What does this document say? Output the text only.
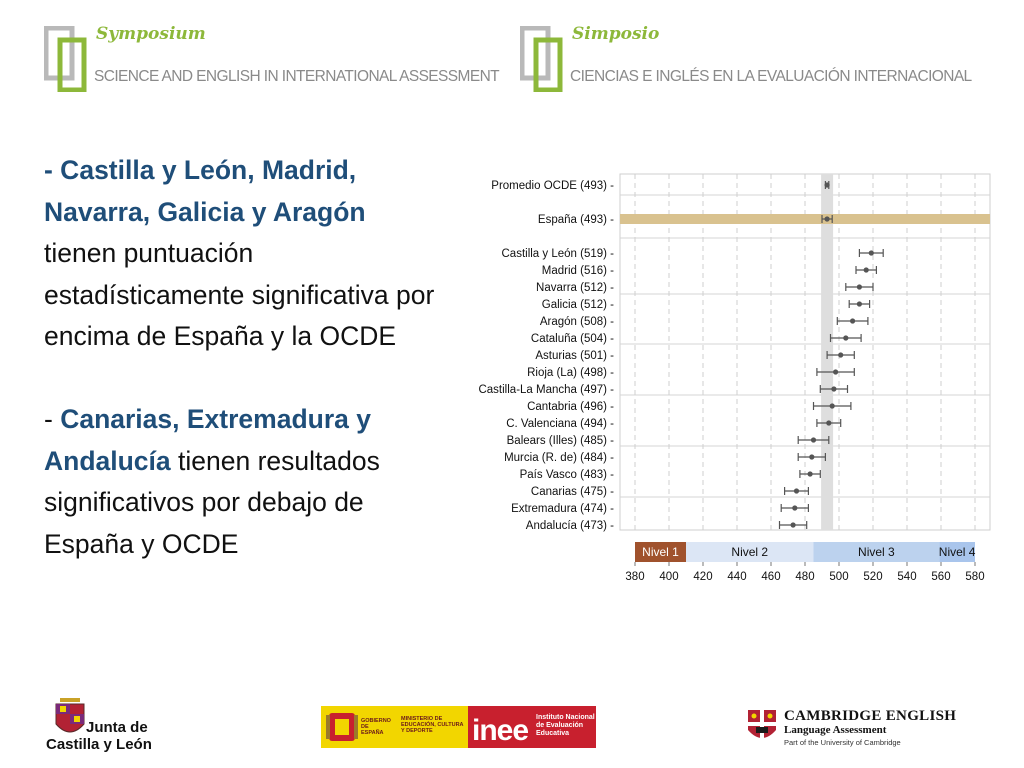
Symposium
SCIENCE AND ENGLISH IN INTERNATIONAL ASSESSMENT
Simposio
CIENCIAS E INGLÉS EN LA EVALUACIÓN INTERNACIONAL
- Castilla y León, Madrid, Navarra, Galicia y Aragón tienen puntuación estadísticamente significativa por encima de España y la OCDE
- Canarias, Extremadura y Andalucía tienen resultados significativos por debajo de España y OCDE
Promedio OCDE (493) -
España (493) -
Castilla y León (519) -
Madrid (516) -
Navarra (512) -
Galicia (512) -
Aragón (508) -
Cataluña (504) -
Asturias (501) -
Rioja (La) (498) -
Castilla-La Mancha (497) -
Cantabria (496) -
C. Valenciana (494) -
Balears (Illes) (485) -
Murcia (R. de) (484) -
País Vasco (483) -
Canarias (475) -
Extremadura (474) -
Andalucía (473) -
Nivel 1	Nivel 2	Nivel 3	Nivel 4
380 400 420 440 460 480 500 520 540 560 580
Junta de
Castilla y León
GOBIERNO DE ESPAÑA
MINISTERIO DE EDUCACIÓN, CULTURA Y DEPORTE	inee Instituto Nacional de Evaluación Educativa
CAMBRIDGE ENGLISH
Language Assessment
Part of the University of Cambridge
